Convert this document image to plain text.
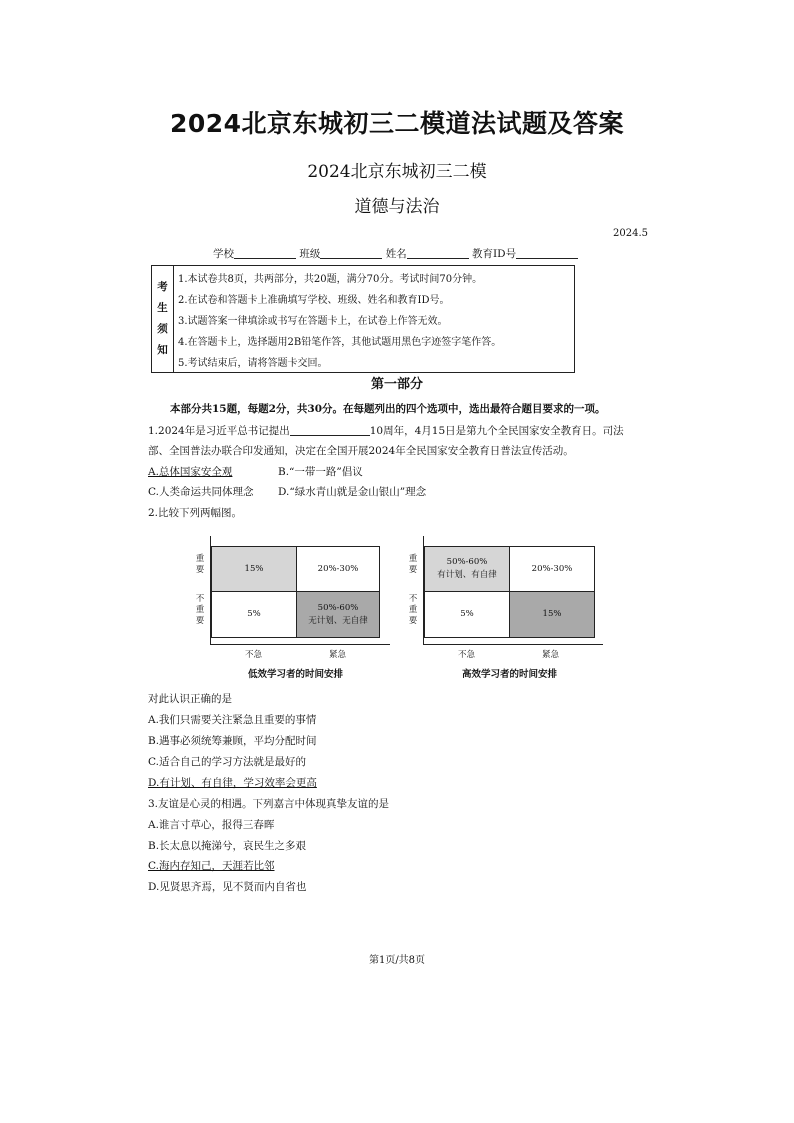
2024北京东城初三二模道法试题及答案
2024北京东城初三二模
道德与法治
2024.5
学校	班级	姓名	教育ID号
考
生
须
知
1.本试卷共8页，共两部分，共20题，满分70分。考试时间70分钟。
2.在试卷和答题卡上准确填写学校、班级、姓名和教育ID号。
3.试题答案一律填涂或书写在答题卡上，在试卷上作答无效。
4.在答题卡上，选择题用2B铅笔作答，其他试题用黑色字迹签字笔作答。
5.考试结束后，请将答题卡交回。
第一部分
本部分共15题，每题2分，共30分。在每题列出的四个选项中，选出最符合题目要求的一项。
1.2024年是习近平总书记提出	10周年，4月15日是第九个全民国家安全教育日。司法
部、全国普法办联合印发通知，决定在全国开展2024年全民国家安全教育日普法宣传活动。
A.总体国家安全观	B.“一带一路”倡议
C.人类命运共同体理念 D.“绿水青山就是金山银山”理念
2.比较下列两幅图。
重要
不重要
15%	20%-30%
5%
50%-60%
无计划、无自律
不急	紧急
低效学习者的时间安排
重要
不重要
50%-60%
有计划、有自律
20%-30%
5%	15%
不急	紧急
高效学习者的时间安排
对此认识正确的是
A.我们只需要关注紧急且重要的事情
B.遇事必须统筹兼顾，平均分配时间
C.适合自己的学习方法就是最好的
D.有计划、有自律，学习效率会更高
3.友谊是心灵的相遇。下列嘉言中体现真挚友谊的是
A.谁言寸草心，报得三春晖
B.长太息以掩涕兮，哀民生之多艰
C.海内存知己，天涯若比邻
D.见贤思齐焉，见不贤而内自省也
第1页/共8页
